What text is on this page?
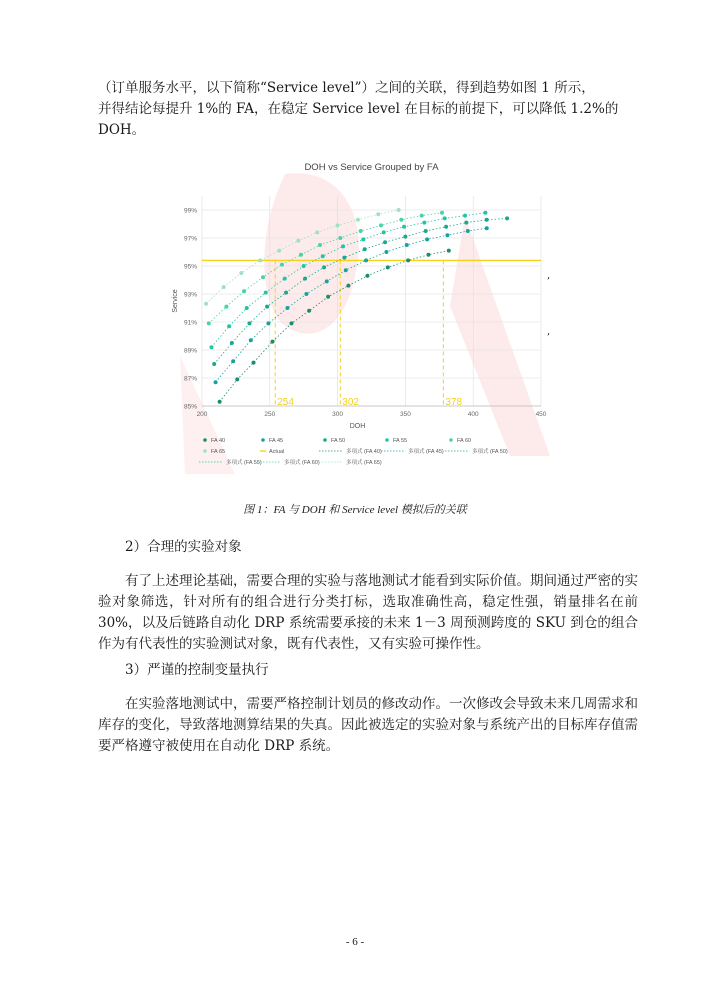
（订单服务水平，以下简称“Service level”）之间的关联，得到趋势如图 1 所示，
并得结论每提升 1%的 FA，在稳定 Service level 在目标的前提下，可以降低 1.2%的
DOH。
DOH vs Service Grouped by FA
85%
87%
89%
91%
93%
95%
97%
99%
200	250	300	350	400	450
DOH
Service
254	302	378
FA 40	FA 45	FA 50	FA 55	FA 60
FA 65	Actual	多项式 (FA 40)	多项式 (FA 45)	多项式 (FA 50)
多项式 (FA 55)	多项式 (FA 60)	多项式 (FA 65)
,
,
图 1：FA 与 DOH 和 Service level 模拟后的关联

2）合理的实验对象

有了上述理论基础，需要合理的实验与落地测试才能看到实际价值。期间通过严密的实验对象筛选，针对所有的组合进行分类打标，选取准确性高，稳定性强，销量排名在前 30%，以及后链路自动化 DRP 系统需要承接的未来 1－3 周预测跨度的 SKU 到仓的组合作为有代表性的实验测试对象，既有代表性，又有实验可操作性。

3）严谨的控制变量执行

在实验落地测试中，需要严格控制计划员的修改动作。一次修改会导致未来几周需求和库存的变化，导致落地测算结果的失真。因此被选定的实验对象与系统产出的目标库存值需要严格遵守被使用在自动化 DRP 系统。

- 6 -
